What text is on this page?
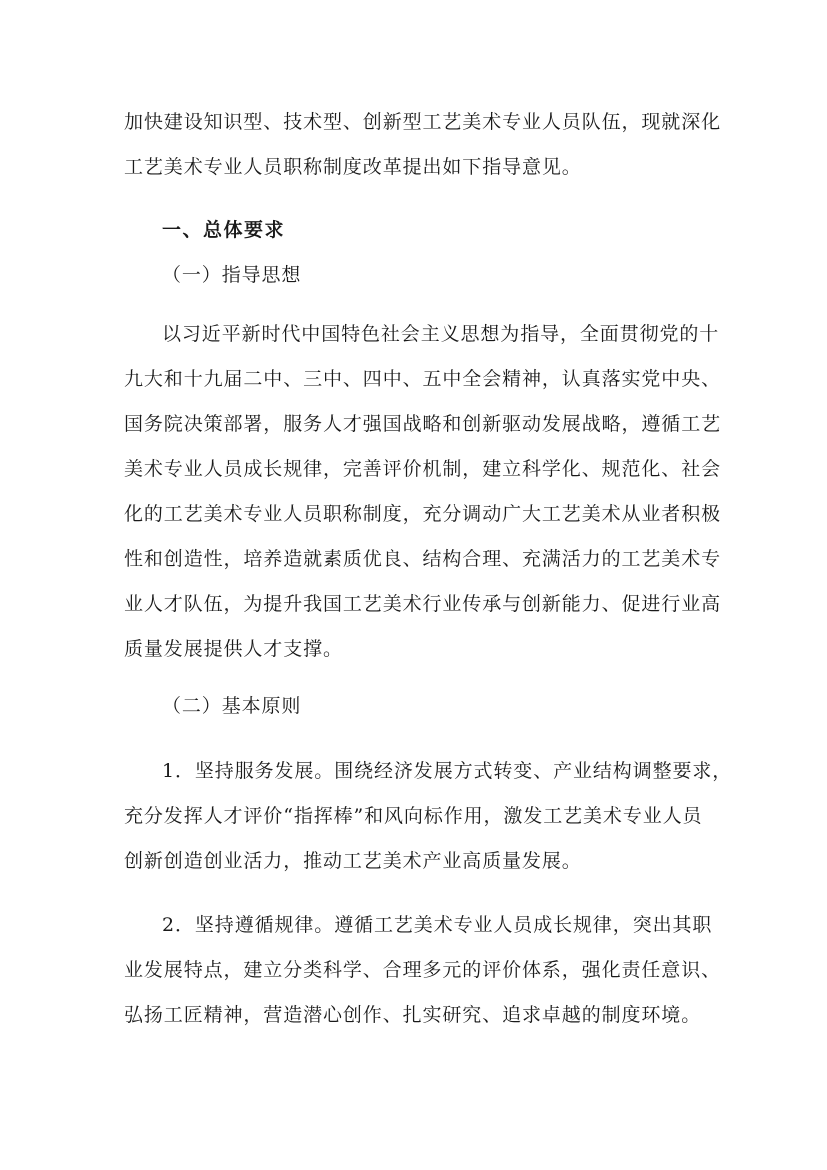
加快建设知识型、技术型、创新型工艺美术专业人员队伍，现就深化
工艺美术专业人员职称制度改革提出如下指导意见。
一、总体要求
（一）指导思想
以习近平新时代中国特色社会主义思想为指导，全面贯彻党的十
九大和十九届二中、三中、四中、五中全会精神，认真落实党中央、
国务院决策部署，服务人才强国战略和创新驱动发展战略，遵循工艺
美术专业人员成长规律，完善评价机制，建立科学化、规范化、社会
化的工艺美术专业人员职称制度，充分调动广大工艺美术从业者积极
性和创造性，培养造就素质优良、结构合理、充满活力的工艺美术专
业人才队伍，为提升我国工艺美术行业传承与创新能力、促进行业高
质量发展提供人才支撑。
（二）基本原则
1．坚持服务发展。围绕经济发展方式转变、产业结构调整要求，
充分发挥人才评价“指挥棒”和风向标作用，激发工艺美术专业人员
创新创造创业活力，推动工艺美术产业高质量发展。
2．坚持遵循规律。遵循工艺美术专业人员成长规律，突出其职
业发展特点，建立分类科学、合理多元的评价体系，强化责任意识、
弘扬工匠精神，营造潜心创作、扎实研究、追求卓越的制度环境。
